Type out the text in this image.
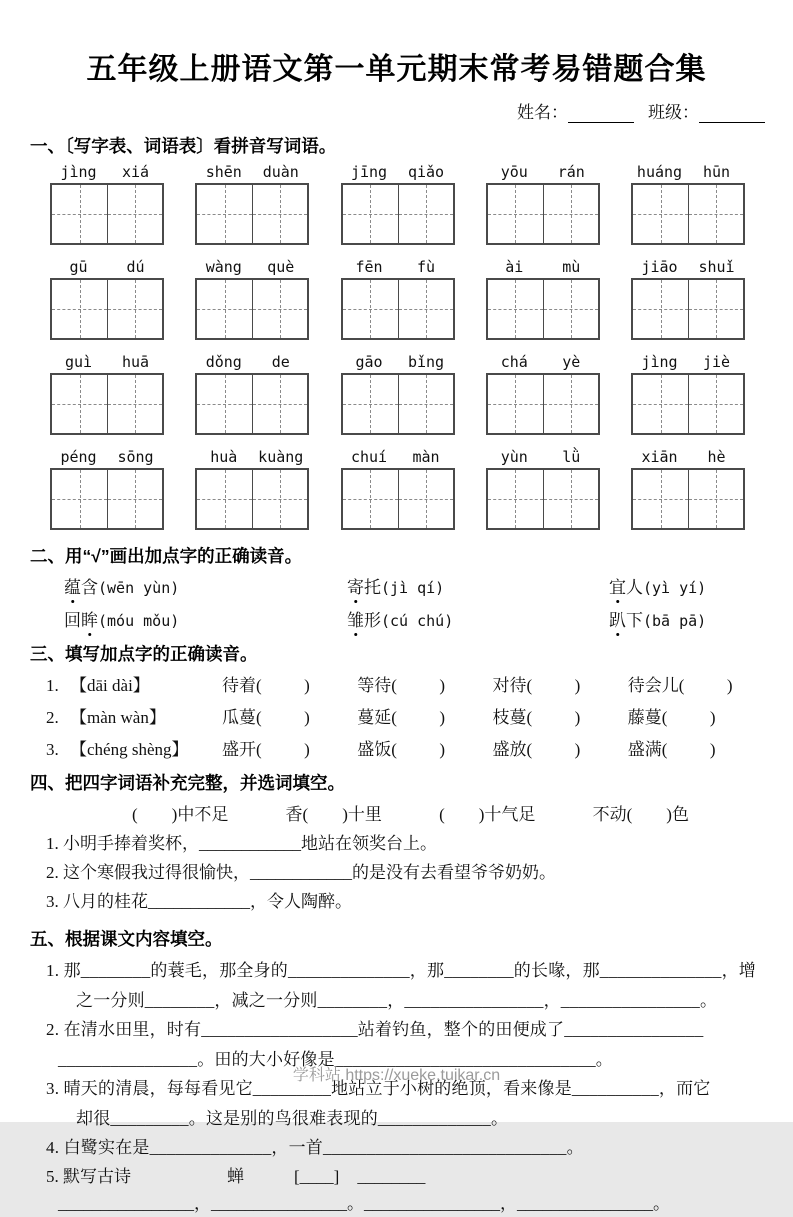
五年级上册语文第一单元期末常考易错题合集
姓名：	班级：
一、〔写字表、词语表〕看拼音写词语。
jìng	xiá	shēn	duàn	jīng	qiǎo	yōu	rán	huáng	hūn
gū	dú	wàng	què	fēn	fù	ài	mù	jiāo	shuǐ
guì	huā	dǒng	de	gāo	bǐng	chá	yè	jìng	jiè
péng	sōng	huà	kuàng	chuí	màn	yùn	lǜ	xiān	hè
二、用“√”画出加点字的正确读音。
蕴含(wēn yùn)	寄托(jì qí)	宜人(yì yí)
回眸(móu mǒu)	雏形(cú chú)	趴下(bā pā)
三、填写加点字的正确读音。
1. 【dāi dài】	待着(          )	等待(          )	对待(          )	待会儿(          )
2. 【màn wàn】	瓜蔓(          )	蔓延(          )	枝蔓(          )	藤蔓(          )
3. 【chéng shèng】	盛开(          )	盛饭(          )	盛放(          )	盛满(          )
四、把四字词语补充完整，并选词填空。
(        )中不足	香(        )十里	(        )十气足	不动(        )色
1. 小明手捧着奖杯，____________地站在领奖台上。
2. 这个寒假我过得很愉快，____________的是没有去看望爷爷奶奶。
3. 八月的桂花____________，令人陶醉。
五、根据课文内容填空。
1. 那________的蓑毛，那全身的______________，那________的长喙，那______________，增
之一分则________，减之一分则________，________________，________________。
2. 在清水田里，时有__________________站着钓鱼，整个的田便成了________________
________________。田的大小好像是______________________________。
3. 晴天的清晨，每每看见它_________地站立于小树的绝顶，看来像是__________，而它
却很_________。这是别的鸟很难表现的_____________。
4. 白鹭实在是______________，一首____________________________。
5. 默写古诗	蝉	[____] ________
________________，________________。________________，________________。
学科站 https://xueke.tuikar.cn
